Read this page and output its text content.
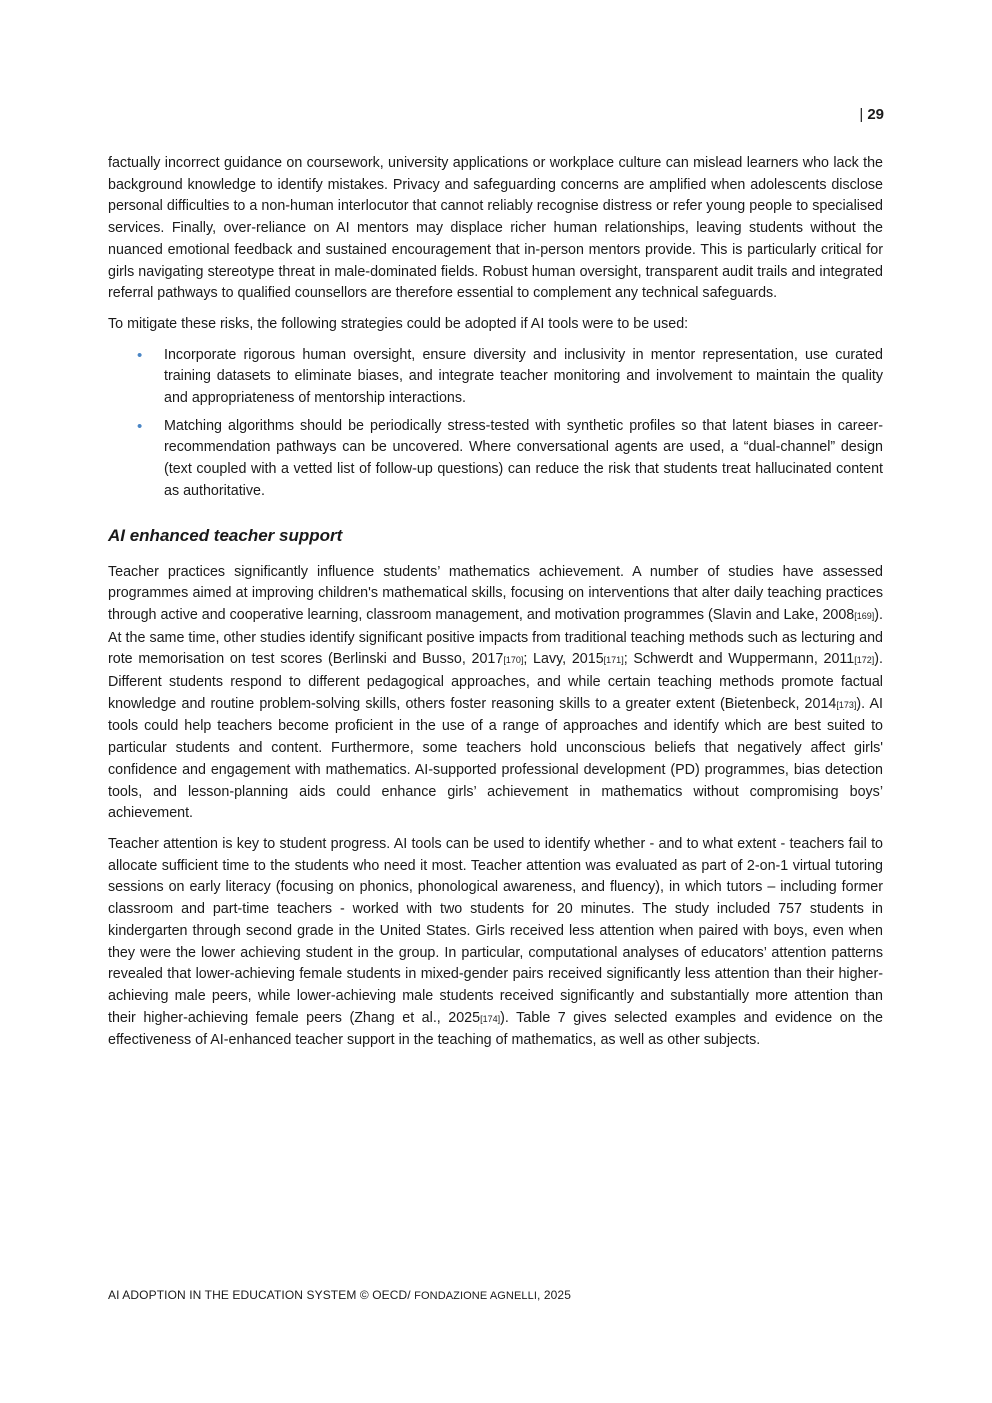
| 29

factually incorrect guidance on coursework, university applications or workplace culture can mislead learners who lack the background knowledge to identify mistakes. Privacy and safeguarding concerns are amplified when adolescents disclose personal difficulties to a non-human interlocutor that cannot reliably recognise distress or refer young people to specialised services. Finally, over-reliance on AI mentors may displace richer human relationships, leaving students without the nuanced emotional feedback and sustained encouragement that in-person mentors provide. This is particularly critical for girls navigating stereotype threat in male-dominated fields. Robust human oversight, transparent audit trails and integrated referral pathways to qualified counsellors are therefore essential to complement any technical safeguards.

To mitigate these risks, the following strategies could be adopted if AI tools were to be used:

• Incorporate rigorous human oversight, ensure diversity and inclusivity in mentor representation, use curated training datasets to eliminate biases, and integrate teacher monitoring and involvement to maintain the quality and appropriateness of mentorship interactions.
• Matching algorithms should be periodically stress-tested with synthetic profiles so that latent biases in career-recommendation pathways can be uncovered. Where conversational agents are used, a “dual-channel” design (text coupled with a vetted list of follow-up questions) can reduce the risk that students treat hallucinated content as authoritative.
AI enhanced teacher support

Teacher practices significantly influence students’ mathematics achievement. A number of studies have assessed programmes aimed at improving children's mathematical skills, focusing on interventions that alter daily teaching practices through active and cooperative learning, classroom management, and motivation programmes (Slavin and Lake, 2008[169]). At the same time, other studies identify significant positive impacts from traditional teaching methods such as lecturing and rote memorisation on test scores (Berlinski and Busso, 2017[170]; Lavy, 2015[171]; Schwerdt and Wuppermann, 2011[172]). Different students respond to different pedagogical approaches, and while certain teaching methods promote factual knowledge and routine problem-solving skills, others foster reasoning skills to a greater extent (Bietenbeck, 2014[173]). AI tools could help teachers become proficient in the use of a range of approaches and identify which are best suited to particular students and content. Furthermore, some teachers hold unconscious beliefs that negatively affect girls' confidence and engagement with mathematics. AI-supported professional development (PD) programmes, bias detection tools, and lesson-planning aids could enhance girls’ achievement in mathematics without compromising boys’ achievement.

Teacher attention is key to student progress. AI tools can be used to identify whether - and to what extent - teachers fail to allocate sufficient time to the students who need it most. Teacher attention was evaluated as part of 2-on-1 virtual tutoring sessions on early literacy (focusing on phonics, phonological awareness, and fluency), in which tutors – including former classroom and part-time teachers - worked with two students for 20 minutes. The study included 757 students in kindergarten through second grade in the United States. Girls received less attention when paired with boys, even when they were the lower achieving student in the group. In particular, computational analyses of educators’ attention patterns revealed that lower-achieving female students in mixed-gender pairs received significantly less attention than their higher-achieving male peers, while lower-achieving male students received significantly and substantially more attention than their higher-achieving female peers (Zhang et al., 2025[174]). Table 7 gives selected examples and evidence on the effectiveness of AI-enhanced teacher support in the teaching of mathematics, as well as other subjects.

AI ADOPTION IN THE EDUCATION SYSTEM © OECD/ FONDAZIONE AGNELLI, 2025
